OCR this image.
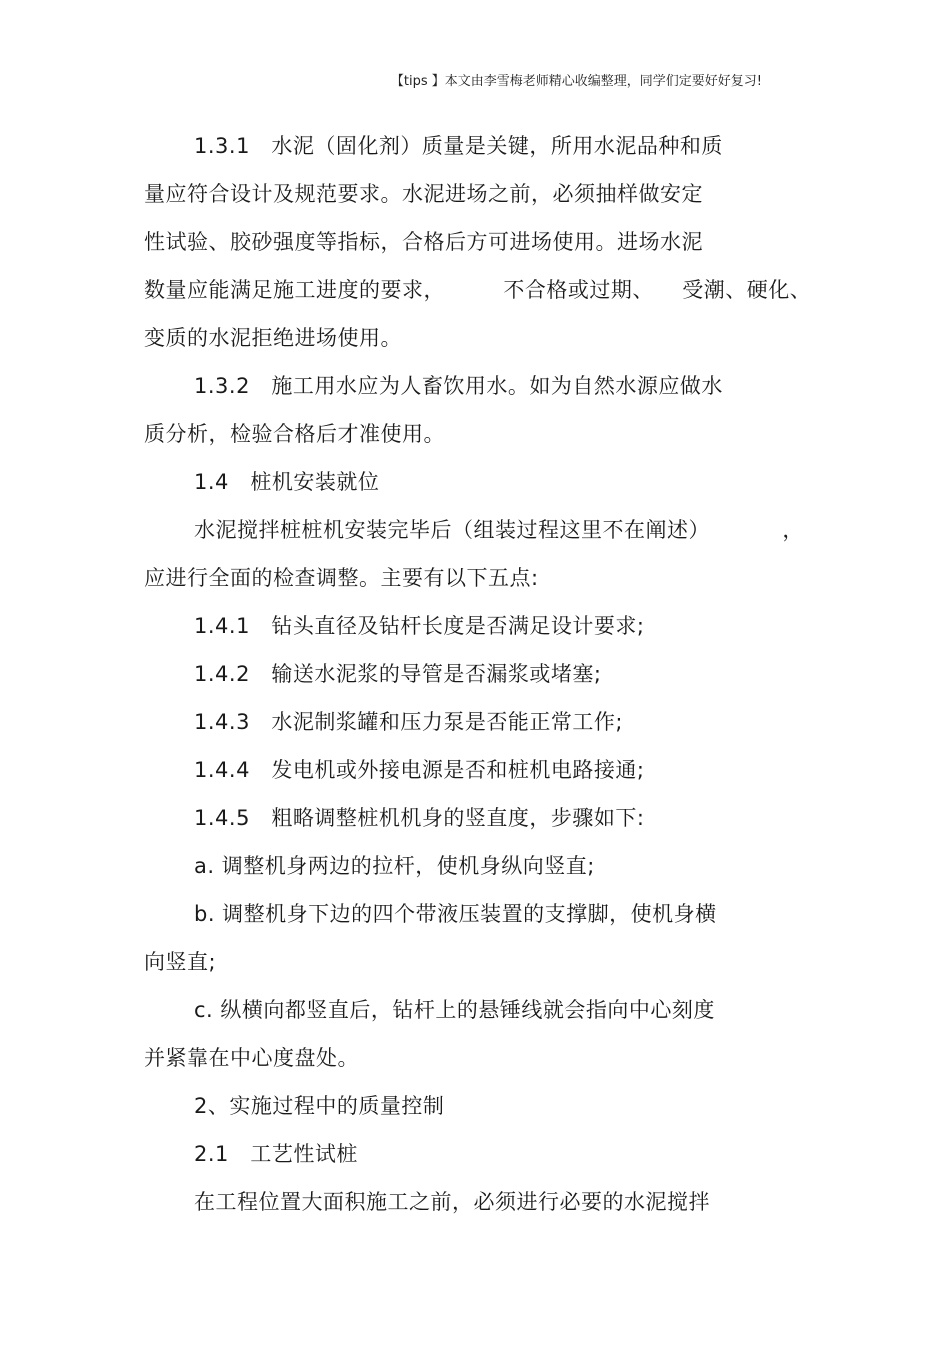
【tips 】本文由李雪梅老师精心收编整理，同学们定要好好复习!
1.3.1　水泥（固化剂）质量是关键，所用水泥品种和质
量应符合设计及规范要求。水泥进场之前，必须抽样做安定
性试验、胶砂强度等指标，合格后方可进场使用。进场水泥
数量应能满足施工进度的要求，	不合格或过期、 受潮、硬化、
变质的水泥拒绝进场使用。
1.3.2　施工用水应为人畜饮用水。如为自然水源应做水
质分析，检验合格后才准使用。
1.4　桩机安装就位
水泥搅拌桩桩机安装完毕后（组装过程这里不在阐述）	，
应进行全面的检查调整。主要有以下五点:
1.4.1　钻头直径及钻杆长度是否满足设计要求;
1.4.2　输送水泥浆的导管是否漏浆或堵塞;
1.4.3　水泥制浆罐和压力泵是否能正常工作;
1.4.4　发电机或外接电源是否和桩机电路接通;
1.4.5　粗略调整桩机机身的竖直度，步骤如下:
a. 调整机身两边的拉杆，使机身纵向竖直;
b. 调整机身下边的四个带液压装置的支撑脚，使机身横
向竖直;
c. 纵横向都竖直后，钻杆上的悬锤线就会指向中心刻度
并紧靠在中心度盘处。
2、实施过程中的质量控制
2.1　工艺性试桩
在工程位置大面积施工之前，必须进行必要的水泥搅拌
